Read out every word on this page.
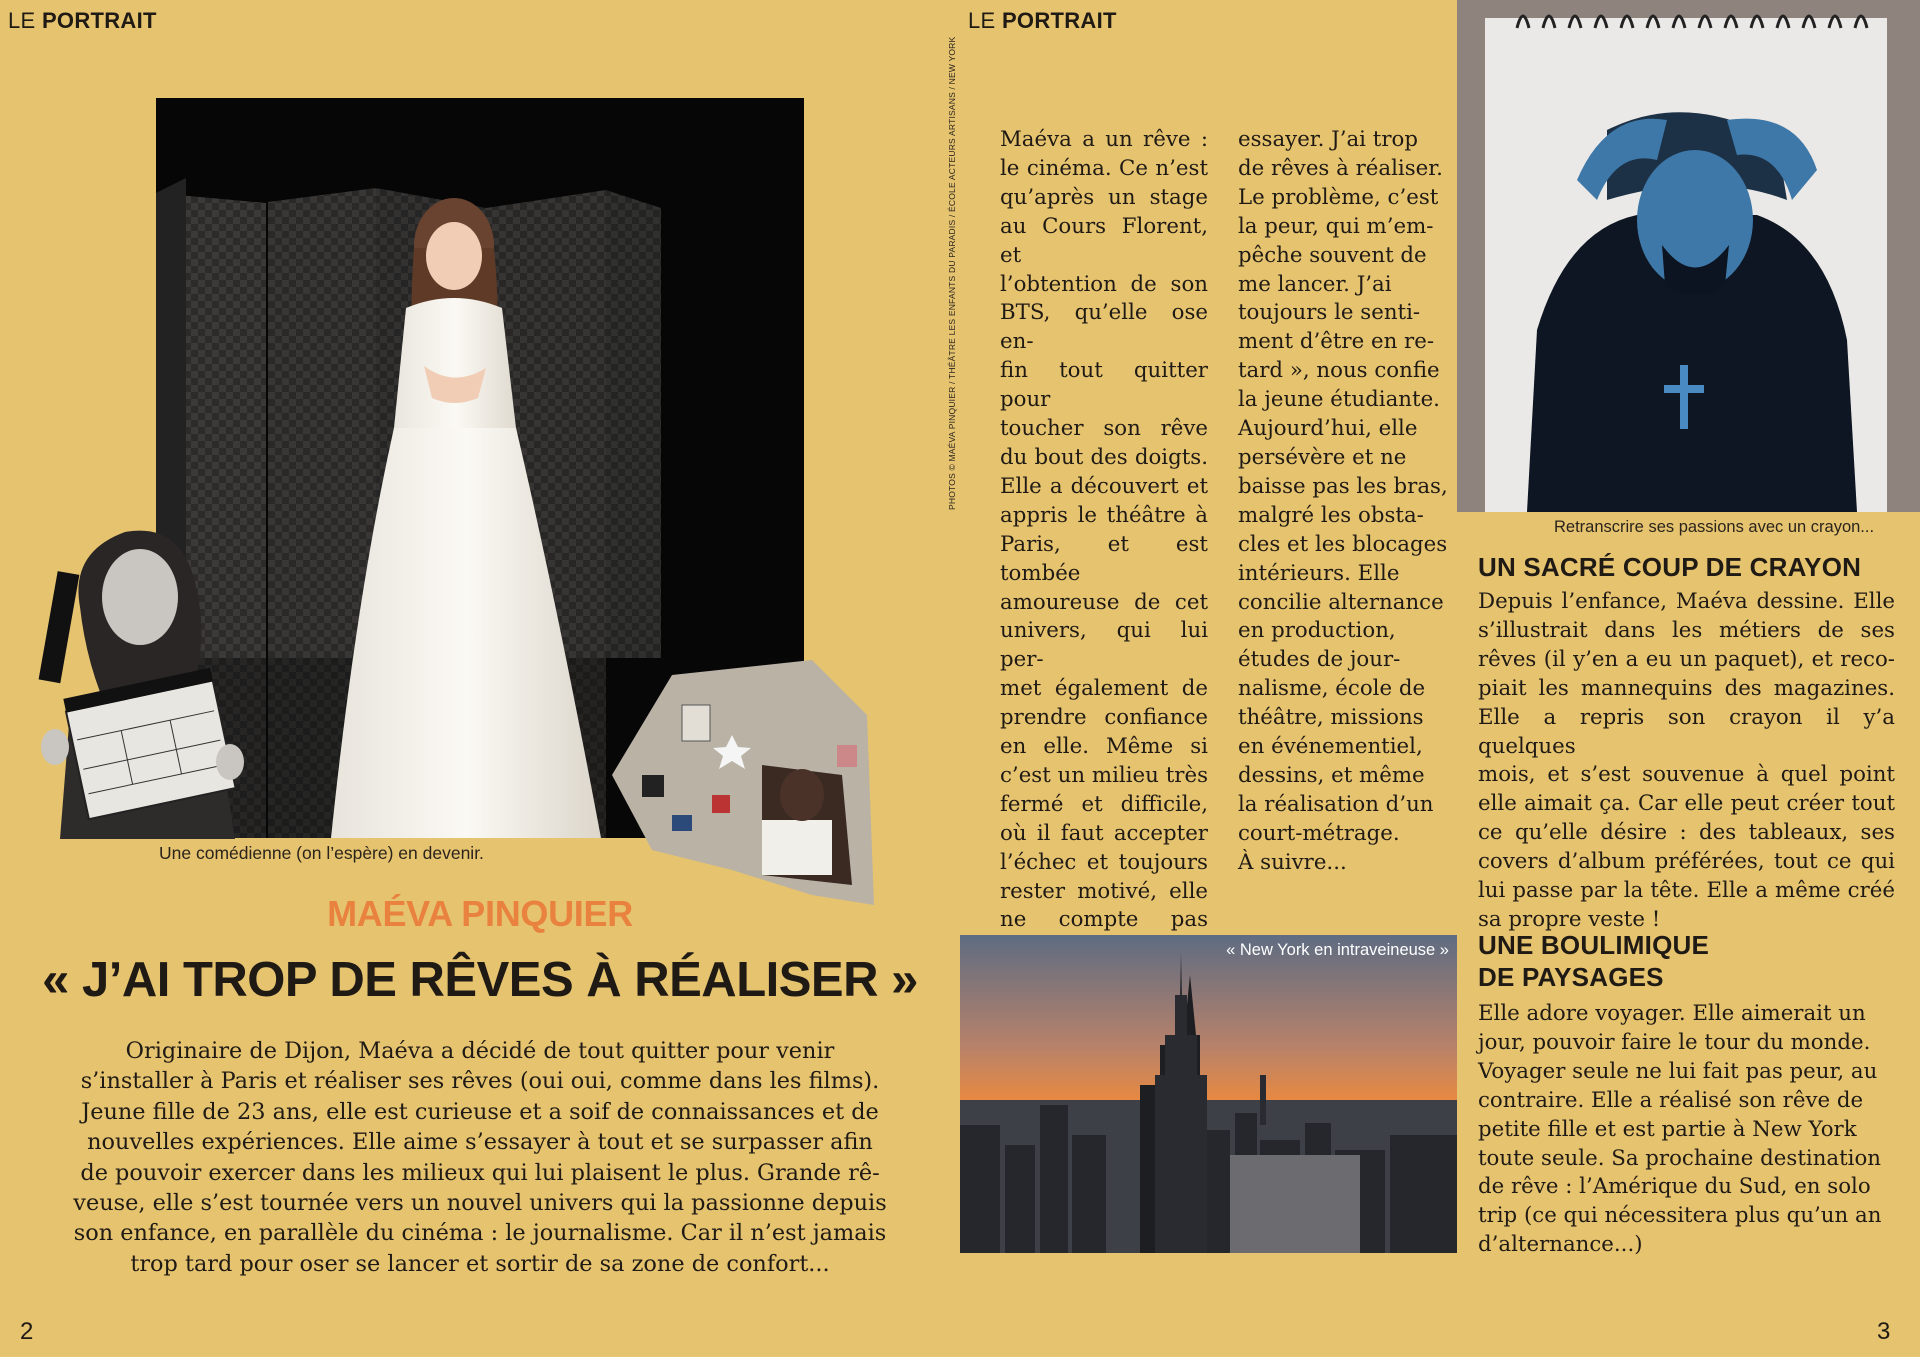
LE PORTRAIT
Une comédienne (on l’espère) en devenir.
MAÉVA PINQUIER
« J’AI TROP DE RÊVES À RÉALISER »
Originaire de Dijon, Maéva a décidé de tout quitter pour venir
s’installer à Paris et réaliser ses rêves (oui oui, comme dans les films).
Jeune fille de 23 ans, elle est curieuse et a soif de connaissances et de
nouvelles expériences. Elle aime s’essayer à tout et se surpasser afin
de pouvoir exercer dans les milieux qui lui plaisent le plus. Grande rê-
veuse, elle s’est tournée vers un nouvel univers qui la passionne depuis
son enfance, en parallèle du cinéma : le journalisme. Car il n’est jamais
trop tard pour oser se lancer et sortir de sa zone de confort...
2
LE PORTRAIT
PHOTOS © MAÉVA PINQUIER / THÉÂTRE LES ENFANTS DU PARADIS / ÉCOLE ACTEURS ARTISANS / NEW YORK Maéva a un rêve :
le cinéma. Ce n’est
qu’après un stage
au Cours Florent, et
l’obtention de son
BTS, qu’elle ose en-
fin tout quitter pour
toucher son rêve
du bout des doigts.
Elle a découvert et
appris le théâtre à
Paris, et est tombée
amoureuse de cet
univers, qui lui per-
met également de
prendre confiance
en elle. Même si
c’est un milieu très
fermé et difficile,
où il faut accepter
l’échec et toujours
rester motivé, elle
ne compte pas
essayer. J’ai trop
de rêves à réaliser.
Le problème, c’est
la peur, qui m’em-
pêche souvent de
me lancer. J’ai
toujours le senti-
ment d’être en re-
tard », nous confie
la jeune étudiante.
Aujourd’hui, elle
persévère et ne
baisse pas les bras,
malgré les obsta-
cles et les blocages
intérieurs. Elle
concilie alternance
en production,
études de jour-
nalisme, école de
théâtre, missions
en événementiel,
dessins, et même
la réalisation d’un
court-métrage.
À suivre...
Retranscrire ses passions avec un crayon...
UN SACRÉ COUP DE CRAYON
Depuis l’enfance, Maéva dessine. Elle
s’illustrait dans les métiers de ses
rêves (il y’en a eu un paquet), et reco-
piait les mannequins des magazines.
Elle a repris son crayon il y’a quelques
mois, et s’est souvenue à quel point
elle aimait ça. Car elle peut créer tout
ce qu’elle désire : des tableaux, ses
covers d’album préférées, tout ce qui
lui passe par la tête. Elle a même créé
sa propre veste !
UNE BOULIMIQUE
DE PAYSAGES
Elle adore voyager. Elle aimerait un
jour, pouvoir faire le tour du monde.
Voyager seule ne lui fait pas peur, au
contraire. Elle a réalisé son rêve de
petite fille et est partie à New York
toute seule. Sa prochaine destination
de rêve : l’Amérique du Sud, en solo
trip (ce qui nécessitera plus qu’un an
d’alternance...)
« New York en intraveineuse »
3
